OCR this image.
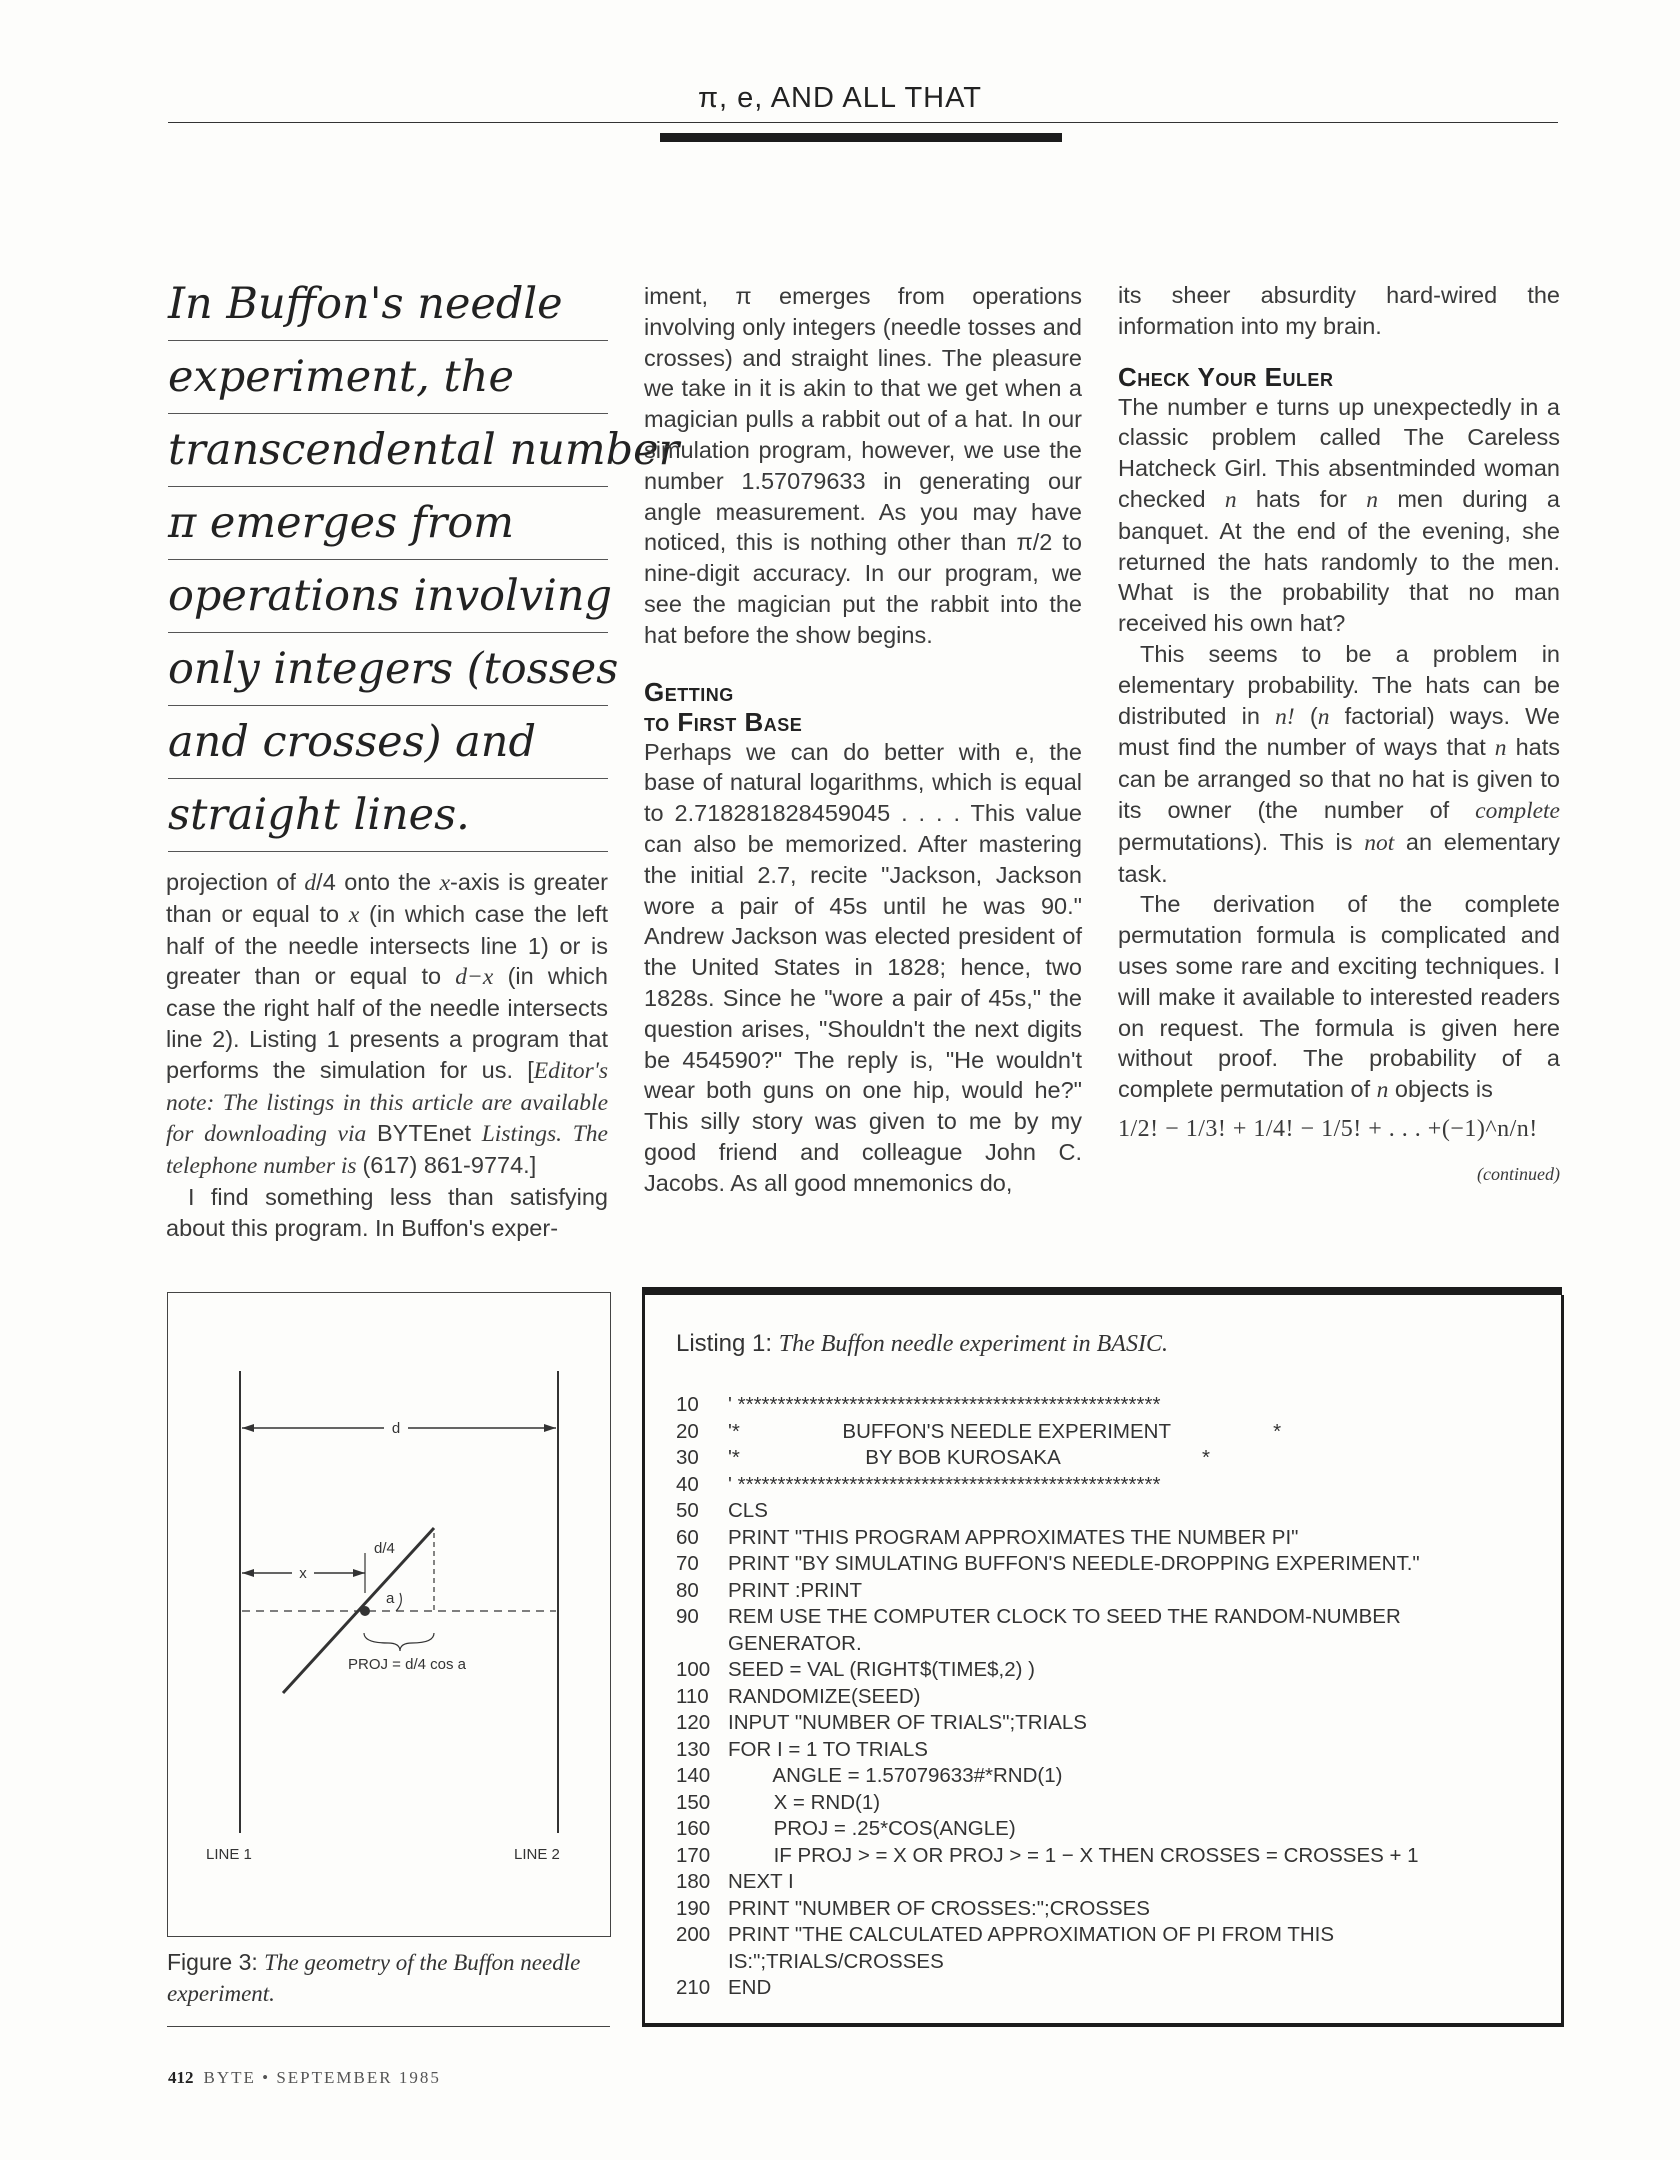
π, e, AND ALL THAT
In Buffon's needle
experiment, the
transcendental number
π emerges from
operations involving
only integers (tosses
and crosses) and
straight lines.

projection of d/4 onto the x-axis is greater than or equal to x (in which case the left half of the needle intersects line 1) or is greater than or equal to d−x (in which case the right half of the needle intersects line 2). Listing 1 presents a program that performs the simulation for us. [Editor's note: The listings in this article are available for downloading via BYTEnet Listings. The telephone number is (617) 861-9774.]

I find something less than satisfying about this program. In Buffon's exper-

iment, π emerges from operations involving only integers (needle tosses and crosses) and straight lines. The pleasure we take in it is akin to that we get when a magician pulls a rabbit out of a hat. In our simulation program, however, we use the number 1.57079633 in generating our angle measurement. As you may have noticed, this is nothing other than π/2 to nine-digit accuracy. In our program, we see the magician put the rabbit into the hat before the show begins.

Getting
to First Base

Perhaps we can do better with e, the base of natural logarithms, which is equal to 2.718281828459045 . . . . This value can also be memorized. After mastering the initial 2.7, recite "Jackson, Jackson wore a pair of 45s until he was 90." Andrew Jackson was elected president of the United States in 1828; hence, two 1828s. Since he "wore a pair of 45s," the question arises, "Shouldn't the next digits be 454590?" The reply is, "He wouldn't wear both guns on one hip, would he?" This silly story was given to me by my good friend and colleague John C. Jacobs. As all good mnemonics do,

its sheer absurdity hard-wired the information into my brain.

Check Your Euler

The number e turns up unexpectedly in a classic problem called The Careless Hatcheck Girl. This absentminded woman checked n hats for n men during a banquet. At the end of the evening, she returned the hats randomly to the men. What is the probability that no man received his own hat?

This seems to be a problem in elementary probability. The hats can be distributed in n! (n factorial) ways. We must find the number of ways that n hats can be arranged so that no hat is given to its owner (the number of complete permutations). This is not an elementary task.

The derivation of the complete permutation formula is complicated and uses some rare and exciting techniques. I will make it available to interested readers on request. The formula is given here without proof. The probability of a complete permutation of n objects is

1/2! − 1/3! + 1/4! − 1/5! + . . . +(−1)^n/n!
(continued)
d
x
d/4
a
PROJ = d/4 cos a
LINE 1	LINE 2
Figure 3: The geometry of the Buffon needle experiment.
Listing 1: The Buffon needle experiment in BASIC.
10 ' *****************************************************
20 '*                  BUFFON'S NEEDLE EXPERIMENT                  *
30 '*                      BY BOB KUROSAKA                         *
40 ' *****************************************************
50 CLS
60 PRINT "THIS PROGRAM APPROXIMATES THE NUMBER PI"
70 PRINT "BY SIMULATING BUFFON'S NEEDLE-DROPPING EXPERIMENT."
80 PRINT :PRINT
90 REM USE THE COMPUTER CLOCK TO SEED THE RANDOM-NUMBER
GENERATOR.
100 SEED = VAL (RIGHT$(TIME$,2) )
110 RANDOMIZE(SEED)
120 INPUT "NUMBER OF TRIALS";TRIALS
130 FOR I = 1 TO TRIALS
140        ANGLE = 1.57079633#*RND(1)
150        X = RND(1)
160        PROJ = .25*COS(ANGLE)
170        IF PROJ > = X OR PROJ > = 1 − X THEN CROSSES = CROSSES + 1
180 NEXT I
190 PRINT "NUMBER OF CROSSES:";CROSSES
200 PRINT "THE CALCULATED APPROXIMATION OF PI FROM THIS
IS:";TRIALS/CROSSES
210 END
412 BYTE • SEPTEMBER 1985
